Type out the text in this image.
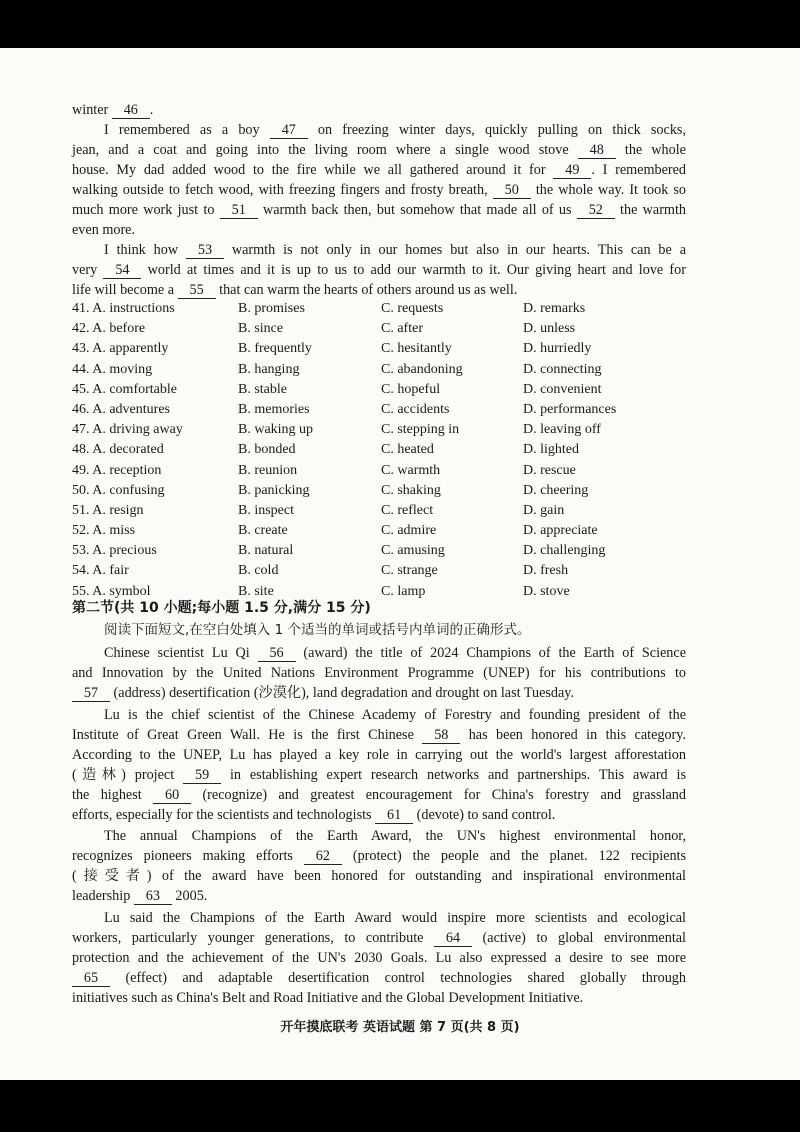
winter 46 .
I remembered as a boy 47 on freezing winter days, quickly pulling on thick socks,
jean, and a coat and going into the living room where a single wood stove 48 the whole
house. My dad added wood to the fire while we all gathered around it for 49 . I remembered
walking outside to fetch wood, with freezing fingers and frosty breath, 50 the whole way. It took so
much more work just to 51 warmth back then, but somehow that made all of us 52 the warmth
even more.
I think how 53 warmth is not only in our homes but also in our hearts. This can be a
very 54 world at times and it is up to us to add our warmth to it. Our giving heart and love for
life will become a 55 that can warm the hearts of others around us as well.
41. A. instructions	B. promises	C. requests	D. remarks
42. A. before	B. since	C. after	D. unless
43. A. apparently	B. frequently	C. hesitantly	D. hurriedly
44. A. moving	B. hanging	C. abandoning	D. connecting
45. A. comfortable	B. stable	C. hopeful	D. convenient
46. A. adventures	B. memories	C. accidents	D. performances
47. A. driving away	B. waking up	C. stepping in	D. leaving off
48. A. decorated	B. bonded	C. heated	D. lighted
49. A. reception	B. reunion	C. warmth	D. rescue
50. A. confusing	B. panicking	C. shaking	D. cheering
51. A. resign	B. inspect	C. reflect	D. gain
52. A. miss	B. create	C. admire	D. appreciate
53. A. precious	B. natural	C. amusing	D. challenging
54. A. fair	B. cold	C. strange	D. fresh
55. A. symbol	B. site	C. lamp	D. stove
第二节(共 10 小题;每小题 1.5 分,满分 15 分)
阅读下面短文,在空白处填入 1 个适当的单词或括号内单词的正确形式。
Chinese scientist Lu Qi 56 (award) the title of 2024 Champions of the Earth of Science
and Innovation by the United Nations Environment Programme (UNEP) for his contributions to
57 (address) desertification (沙漠化), land degradation and drought on last Tuesday.
Lu is the chief scientist of the Chinese Academy of Forestry and founding president of the
Institute of Great Green Wall. He is the first Chinese 58 has been honored in this category.
According to the UNEP, Lu has played a key role in carrying out the world's largest afforestation
(造林) project 59 in establishing expert research networks and partnerships. This award is
the highest 60 (recognize) and greatest encouragement for China's forestry and grassland
efforts, especially for the scientists and technologists 61 (devote) to sand control.
The annual Champions of the Earth Award, the UN's highest environmental honor,
recognizes pioneers making efforts 62 (protect) the people and the planet. 122 recipients
(接受者) of the award have been honored for outstanding and inspirational environmental
leadership 63 2005.
Lu said the Champions of the Earth Award would inspire more scientists and ecological
workers, particularly younger generations, to contribute 64 (active) to global environmental
protection and the achievement of the UN's 2030 Goals. Lu also expressed a desire to see more
65 (effect) and adaptable desertification control technologies shared globally through
initiatives such as China's Belt and Road Initiative and the Global Development Initiative.
开年摸底联考 英语试题 第 7 页(共 8 页)
